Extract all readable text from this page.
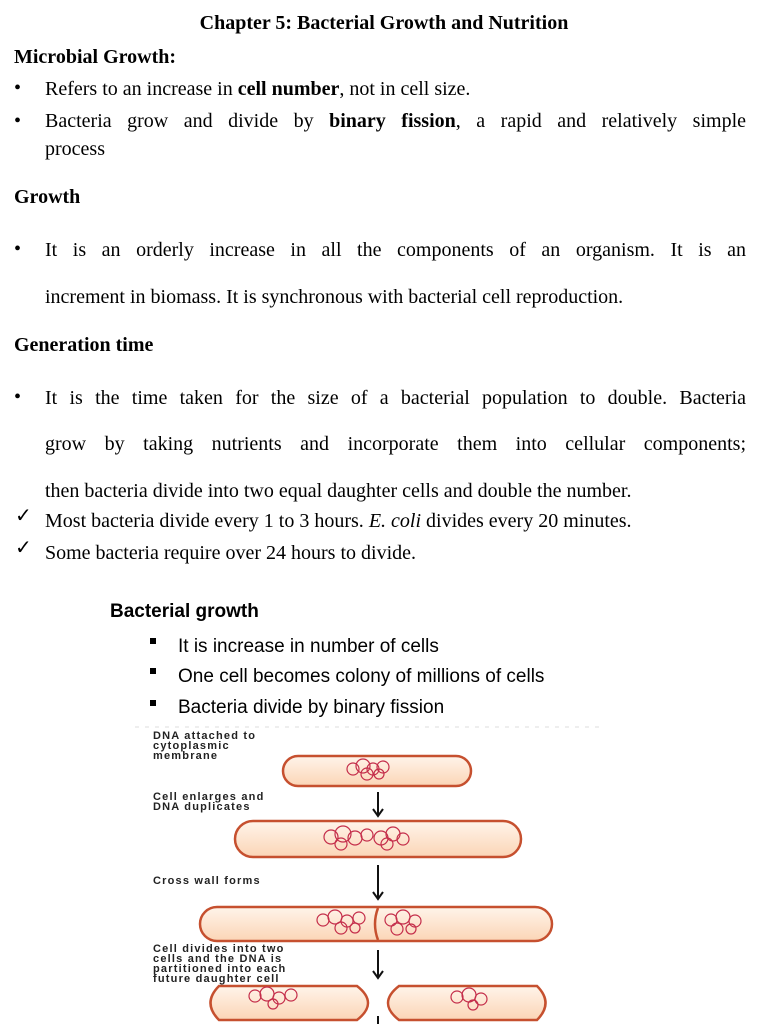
Chapter 5: Bacterial Growth and Nutrition
Microbial Growth:
• Refers to an increase in cell number, not in cell size.
• Bacteria grow and divide by binary fission, a rapid and relatively simple
process
Growth
• It is an orderly increase in all the components of an organism. It is an
increment in biomass. It is synchronous with bacterial cell reproduction.
Generation time
• It is the time taken for the size of a bacterial population to double. Bacteria
grow by taking nutrients and incorporate them into cellular components;
then bacteria divide into two equal daughter cells and double the number.
✓ Most bacteria divide every 1 to 3 hours. E. coli divides every 20 minutes.
✓ Some bacteria require over 24 hours to divide.
Bacterial growth
It is increase in number of cells
One cell becomes colony of millions of cells
Bacteria divide by binary fission
DNA attached to
cytoplasmic
membrane
Cell enlarges and
DNA duplicates
Cross wall forms
Cell divides into two
cells and the DNA is
partitioned into each
future daughter cell
